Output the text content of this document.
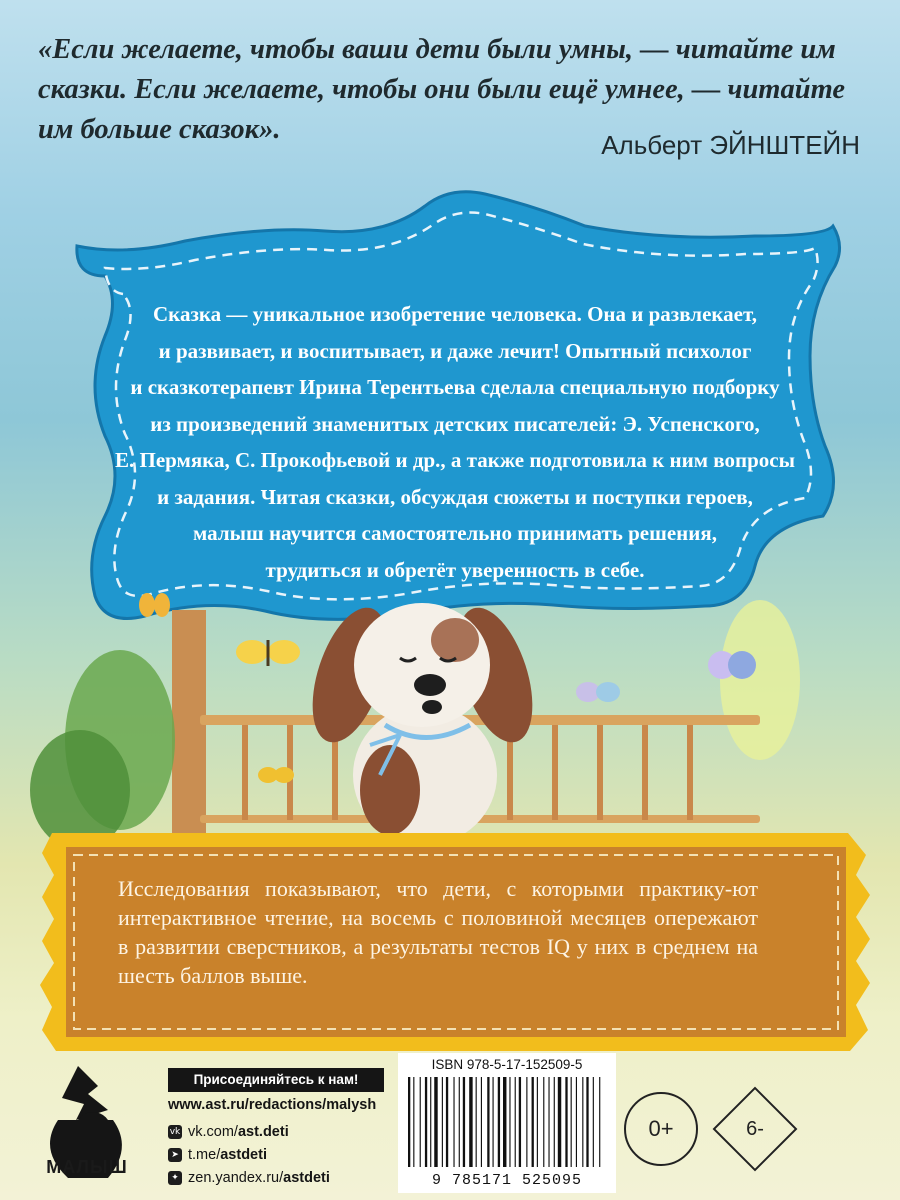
«Если желаете, чтобы ваши дети были умны, — читайте им сказки. Если желаете, чтобы они были ещё умнее, — читайте им больше сказок».	Альберт ЭЙНШТЕЙН
Сказка — уникальное изобретение человека. Она и развлекает,
и развивает, и воспитывает, и даже лечит! Опытный психолог
и сказкотерапевт Ирина Терентьева сделала специальную подборку
из произведений знаменитых детских писателей: Э. Успенского,
Е. Пермяка, С. Прокофьевой и др., а также подготовила к ним вопросы
и задания. Читая сказки, обсуждая сюжеты и поступки героев,
малыш научится самостоятельно принимать решения,
трудиться и обретёт уверенность в себе.
Исследования показывают, что дети, с которыми практику-ют интерактивное чтение, на восемь с половиной месяцев опережают в развитии сверстников, а результаты тестов IQ у них в среднем на шесть баллов выше.
МАЛЫШ
Присоединяйтесь к нам!
www.ast.ru/redactions/malysh
vk vk.com/ ast.deti
➤ t.me/ astdeti
✦ zen.yandex.ru/ astdeti
ISBN 978-5-17-152509-5
9 785171 525095
0+	6-
